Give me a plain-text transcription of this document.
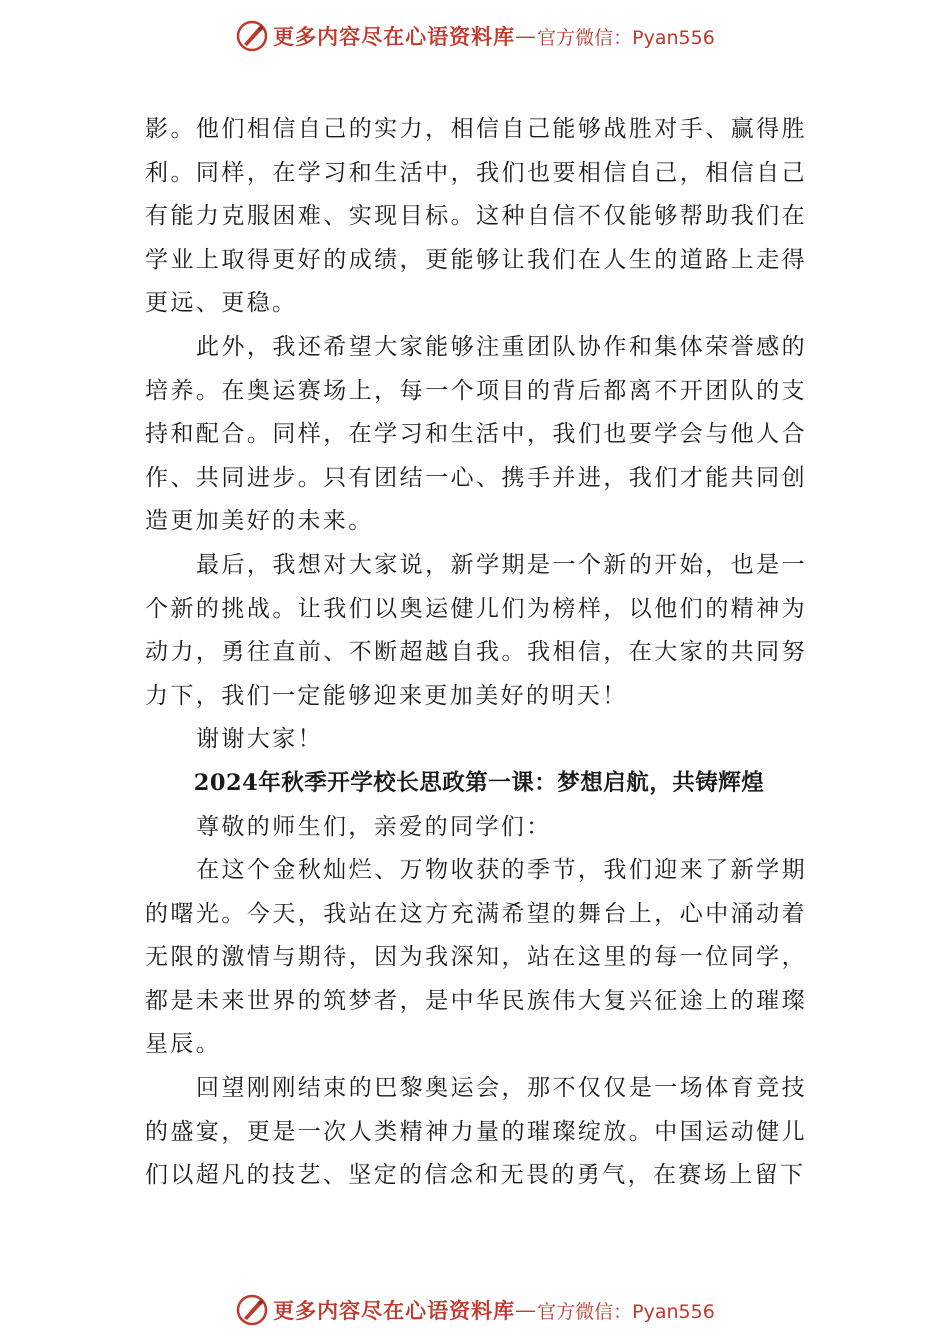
更多内容尽在心语资料库 — 官方微信：Pyan556

影。他们相信自己的实力，相信自己能够战胜对手、赢得胜利。同样，在学习和生活中，我们也要相信自己，相信自己有能力克服困难、实现目标。这种自信不仅能够帮助我们在学业上取得更好的成绩，更能够让我们在人生的道路上走得更远、更稳。

此外，我还希望大家能够注重团队协作和集体荣誉感的培养。在奥运赛场上，每一个项目的背后都离不开团队的支持和配合。同样，在学习和生活中，我们也要学会与他人合作、共同进步。只有团结一心、携手并进，我们才能共同创造更加美好的未来。

最后，我想对大家说，新学期是一个新的开始，也是一个新的挑战。让我们以奥运健儿们为榜样，以他们的精神为动力，勇往直前、不断超越自我。我相信，在大家的共同努力下，我们一定能够迎来更加美好的明天！

谢谢大家！

2024年秋季开学校长思政第一课：梦想启航，共铸辉煌

尊敬的师生们，亲爱的同学们：

在这个金秋灿烂、万物收获的季节，我们迎来了新学期的曙光。今天，我站在这方充满希望的舞台上，心中涌动着无限的激情与期待，因为我深知，站在这里的每一位同学，都是未来世界的筑梦者，是中华民族伟大复兴征途上的璀璨星辰。

回望刚刚结束的巴黎奥运会，那不仅仅是一场体育竞技的盛宴，更是一次人类精神力量的璀璨绽放。中国运动健儿们以超凡的技艺、坚定的信念和无畏的勇气，在赛场上留下

更多内容尽在心语资料库 — 官方微信：Pyan556
